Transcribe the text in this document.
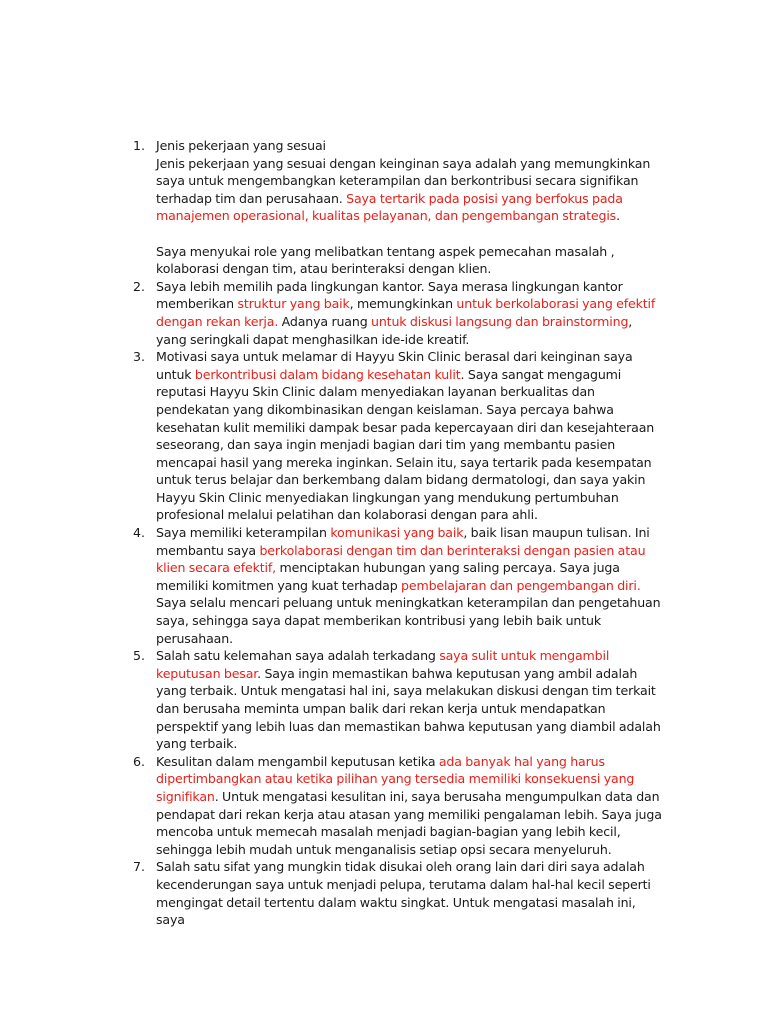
1. Jenis pekerjaan yang sesuai

Jenis pekerjaan yang sesuai dengan keinginan saya adalah yang memungkinkan saya untuk mengembangkan keterampilan dan berkontribusi secara signifikan terhadap tim dan perusahaan. Saya tertarik pada posisi yang berfokus pada manajemen operasional, kualitas pelayanan, dan pengembangan strategis.

Saya menyukai role yang melibatkan tentang aspek pemecahan masalah , kolaborasi dengan tim, atau berinteraksi dengan klien.

2. Saya lebih memilih pada lingkungan kantor. Saya merasa lingkungan kantor memberikan struktur yang baik, memungkinkan untuk berkolaborasi yang efektif dengan rekan kerja. Adanya ruang untuk diskusi langsung dan brainstorming, yang seringkali dapat menghasilkan ide-ide kreatif.

3. Motivasi saya untuk melamar di Hayyu Skin Clinic berasal dari keinginan saya untuk berkontribusi dalam bidang kesehatan kulit. Saya sangat mengagumi reputasi Hayyu Skin Clinic dalam menyediakan layanan berkualitas dan pendekatan yang dikombinasikan dengan keislaman. Saya percaya bahwa kesehatan kulit memiliki dampak besar pada kepercayaan diri dan kesejahteraan seseorang, dan saya ingin menjadi bagian dari tim yang membantu pasien mencapai hasil yang mereka inginkan. Selain itu, saya tertarik pada kesempatan untuk terus belajar dan berkembang dalam bidang dermatologi, dan saya yakin Hayyu Skin Clinic menyediakan lingkungan yang mendukung pertumbuhan profesional melalui pelatihan dan kolaborasi dengan para ahli.

4. Saya memiliki keterampilan komunikasi yang baik, baik lisan maupun tulisan. Ini membantu saya berkolaborasi dengan tim dan berinteraksi dengan pasien atau klien secara efektif, menciptakan hubungan yang saling percaya. Saya juga memiliki komitmen yang kuat terhadap pembelajaran dan pengembangan diri. Saya selalu mencari peluang untuk meningkatkan keterampilan dan pengetahuan saya, sehingga saya dapat memberikan kontribusi yang lebih baik untuk perusahaan.

5. Salah satu kelemahan saya adalah terkadang saya sulit untuk mengambil keputusan besar. Saya ingin memastikan bahwa keputusan yang ambil adalah yang terbaik. Untuk mengatasi hal ini, saya melakukan diskusi dengan tim terkait dan berusaha meminta umpan balik dari rekan kerja untuk mendapatkan perspektif yang lebih luas dan memastikan bahwa keputusan yang diambil adalah yang terbaik.

6. Kesulitan dalam mengambil keputusan ketika ada banyak hal yang harus dipertimbangkan atau ketika pilihan yang tersedia memiliki konsekuensi yang signifikan. Untuk mengatasi kesulitan ini, saya berusaha mengumpulkan data dan pendapat dari rekan kerja atau atasan yang memiliki pengalaman lebih. Saya juga mencoba untuk memecah masalah menjadi bagian-bagian yang lebih kecil, sehingga lebih mudah untuk menganalisis setiap opsi secara menyeluruh.

7. Salah satu sifat yang mungkin tidak disukai oleh orang lain dari diri saya adalah kecenderungan saya untuk menjadi pelupa, terutama dalam hal-hal kecil seperti mengingat detail tertentu dalam waktu singkat. Untuk mengatasi masalah ini, saya
